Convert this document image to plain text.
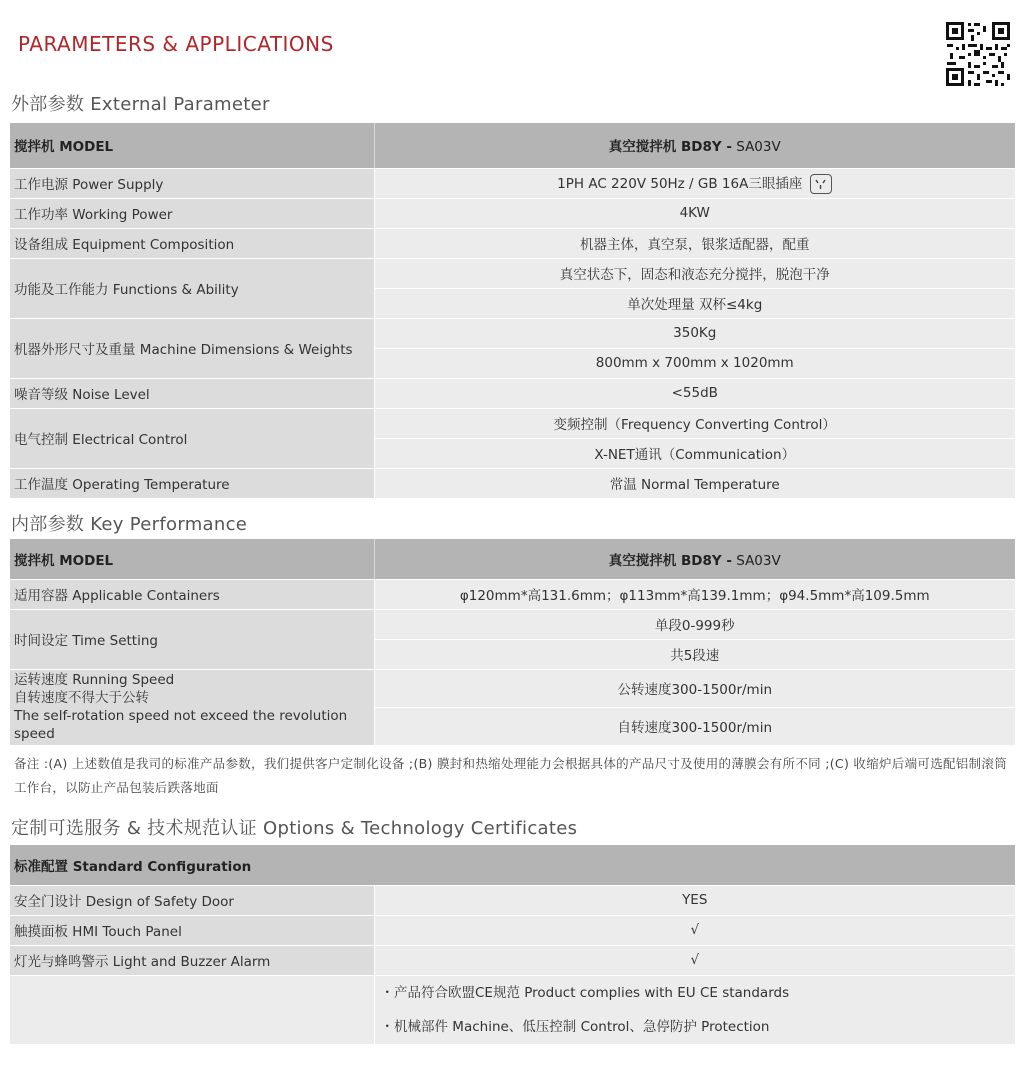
PARAMETERS & APPLICATIONS
外部参数 External Parameter
搅拌机 MODEL	真空搅拌机 BD8Y - SA03V
工作电源 Power Supply	1PH AC 220V 50Hz / GB 16A三眼插座

工作功率 Working Power	4KW
设备组成 Equipment Composition	机器主体，真空泵，银浆适配器，配重
功能及工作能力 Functions & Ability	真空状态下，固态和液态充分搅拌，脱泡干净
	单次处理量 双杯≤4kg
机器外形尺寸及重量 Machine Dimensions & Weights	350Kg
	800mm x 700mm x 1020mm
噪音等级 Noise Level	<55dB
电气控制 Electrical Control	变频控制（Frequency Converting Control）
	X-NET通讯（Communication）
工作温度 Operating Temperature	常温 Normal Temperature
内部参数 Key Performance
搅拌机 MODEL	真空搅拌机 BD8Y - SA03V
适用容器 Applicable Containers	φ120mm*高131.6mm；φ113mm*高139.1mm；φ94.5mm*高109.5mm
时间设定 Time Setting	单段0-999秒
	共5段速

运转速度 Running Speed
自转速度不得大于公转
The self-rotation speed not exceed the revolution speed	公转速度300-1500r/min
	自转速度300-1500r/min

备注 :(A) 上述数值是我司的标准产品参数，我们提供客户定制化设备 ;(B) 膜封和热缩处理能力会根据具体的产品尺寸及使用的薄膜会有所不同 ;(C) 收缩炉后端可选配铝制滚筒工作台，以防止产品包装后跌落地面

定制可选服务 & 技术规范认证 Options & Technology Certificates
标准配置 Standard Configuration	
安全门设计 Design of Safety Door	YES
触摸面板 HMI Touch Panel	√
灯光与蜂鸣警示 Light and Buzzer Alarm	√

	・产品符合欧盟CE规范 Product complies with EU CE standards
・机械部件 Machine、低压控制 Control、急停防护 Protection
